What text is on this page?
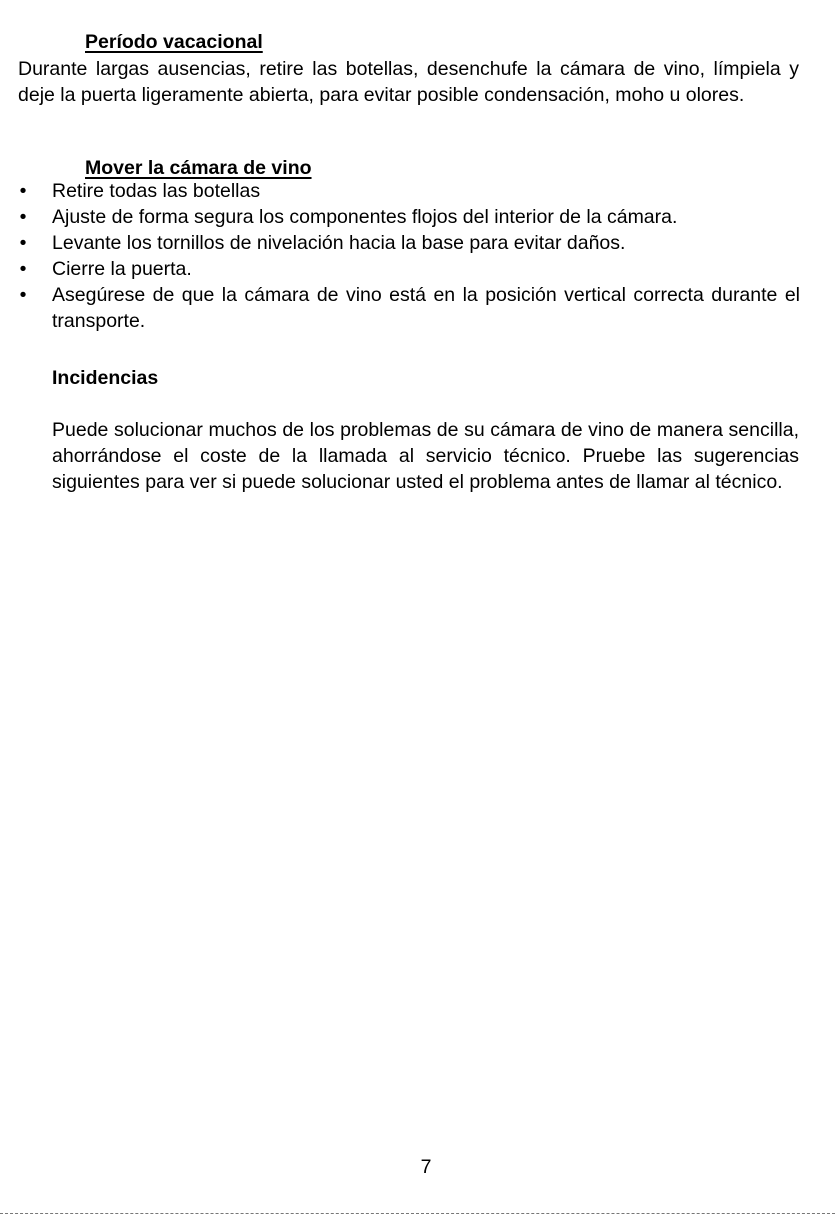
Período vacacional
Durante largas ausencias, retire las botellas, desenchufe la cámara de vino, límpiela y deje la puerta ligeramente abierta, para evitar posible condensación, moho u olores.
Mover la cámara de vino
• Retire todas las botellas
• Ajuste de forma segura los componentes flojos del interior de la cámara.
• Levante los tornillos de nivelación hacia la base para evitar daños.
• Cierre la puerta.
• Asegúrese de que la cámara de vino está en la posición vertical correcta durante el transporte.
Incidencias
Puede solucionar muchos de los problemas de su cámara de vino de manera sencilla, ahorrándose el coste de la llamada al servicio técnico. Pruebe las sugerencias siguientes para ver si puede solucionar usted el problema antes de llamar al técnico.
7
